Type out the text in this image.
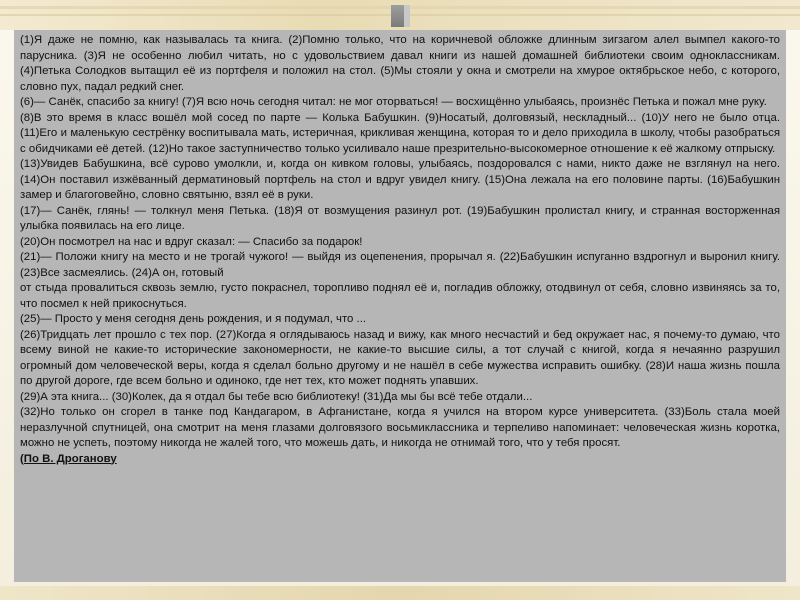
(1)Я даже не помню, как называлась та книга. (2)Помню только, что на коричневой обложке длинным зигзагом алел вымпел какого-то парусника. (3)Я не особенно любил читать, но с удовольствием давал книги из нашей домашней библиотеки своим одноклассникам. (4)Петька Солодков вытащил её из портфеля и положил на стол. (5)Мы стояли у окна и смотрели на хмурое октябрьское небо, с которого, словно пух, падал редкий снег.

(6)— Санёк, спасибо за книгу! (7)Я всю ночь сегодня читал: не мог оторваться! — восхищённо улыбаясь, произнёс Петька и пожал мне руку.

(8)В это время в класс вошёл мой сосед по парте — Колька Бабушкин. (9)Носатый, долговязый, нескладный... (10)У него не было отца. (11)Его и маленькую сестрёнку воспитывала мать, истеричная, крикливая женщина, которая то и дело приходила в школу, чтобы разобраться с обидчиками её детей. (12)Но такое заступничество только усиливало наше презрительно-высокомерное отношение к её жалкому отпрыску.

(13)Увидев Бабушкина, всё сурово умолкли, и, когда он кивком головы, улыбаясь, поздоровался с нами, никто даже не взглянул на него. (14)Он поставил изжёванный дерматиновый портфель на стол и вдруг увидел книгу. (15)Она лежала на его половине парты. (16)Бабушкин замер и благоговейно, словно святыню, взял её в руки.

(17)— Санёк, глянь! — толкнул меня Петька. (18)Я от возмущения разинул рот. (19)Бабушкин пролистал книгу, и странная восторженная улыбка появилась на его лице.

(20)Он посмотрел на нас и вдруг сказал: — Спасибо за подарок!

(21)— Положи книгу на место и не трогай чужого! — выйдя из оцепенения, прорычал я. (22)Бабушкин испуганно вздрогнул и выронил книгу. (23)Все засмеялись. (24)А он, готовый

от стыда провалиться сквозь землю, густо покраснел, торопливо поднял её и, погладив обложку, отодвинул от себя, словно извиняясь за то, что посмел к ней прикоснуться.

(25)— Просто у меня сегодня день рождения, и я подумал, что ...

(26)Тридцать лет прошло с тех пор. (27)Когда я оглядываюсь назад и вижу, как много несчастий и бед окружает нас, я почему-то думаю, что всему виной не какие-то исторические закономерности, не какие-то высшие силы, а тот случай с книгой, когда я нечаянно разрушил огромный дом человеческой веры, когда я сделал больно другому и не нашёл в себе мужества исправить ошибку. (28)И наша жизнь пошла по другой дороге, где всем больно и одиноко, где нет тех, кто может поднять упавших.

(29)А эта книга... (30)Колек, да я отдал бы тебе всю библиотеку! (31)Да мы бы всё тебе отдали...

(32)Но только он сгорел в танке под Кандагаром, в Афганистане, когда я учился на втором курсе университета. (33)Боль стала моей неразлучной спутницей, она смотрит на меня глазами долговязого восьмиклассника и терпеливо напоминает: человеческая жизнь коротка, можно не успеть, поэтому никогда не жалей того, что можешь дать, и никогда не отнимай того, что у тебя просят.

(По В. Дроганову
